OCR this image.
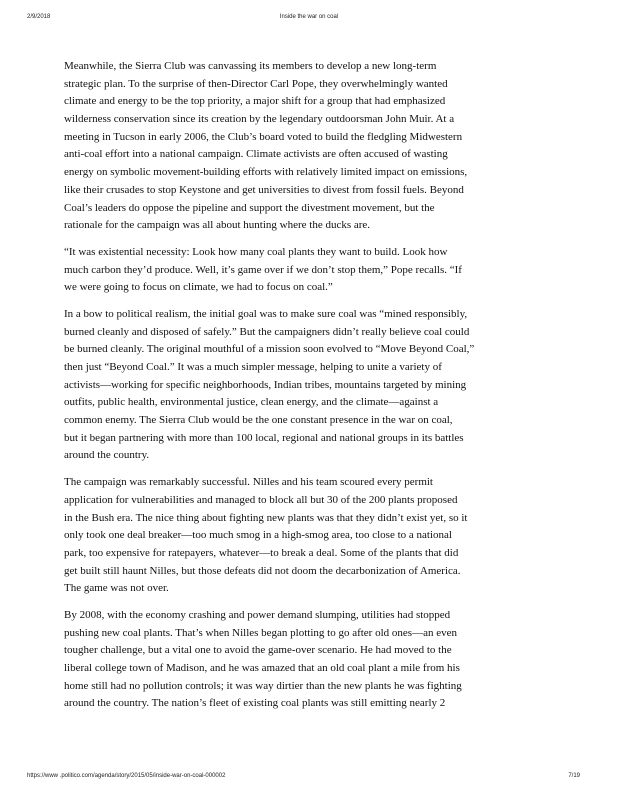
2/9/2018	Inside the war on coal
Meanwhile, the Sierra Club was canvassing its members to develop a new long-term
strategic plan. To the surprise of then-Director Carl Pope, they overwhelmingly wanted
climate and energy to be the top priority, a major shift for a group that had emphasized
wilderness conservation since its creation by the legendary outdoorsman John Muir. At a
meeting in Tucson in early 2006, the Club’s board voted to build the fledgling Midwestern
anti-coal effort into a national campaign. Climate activists are often accused of wasting
energy on symbolic movement-building efforts with relatively limited impact on emissions,
like their crusades to stop Keystone and get universities to divest from fossil fuels. Beyond
Coal’s leaders do oppose the pipeline and support the divestment movement, but the
rationale for the campaign was all about hunting where the ducks are.
“It was existential necessity: Look how many coal plants they want to build. Look how
much carbon they’d produce. Well, it’s game over if we don’t stop them,” Pope recalls. “If
we were going to focus on climate, we had to focus on coal.”
In a bow to political realism, the initial goal was to make sure coal was “mined responsibly,
burned cleanly and disposed of safely.” But the campaigners didn’t really believe coal could
be burned cleanly. The original mouthful of a mission soon evolved to “Move Beyond Coal,”
then just “Beyond Coal.” It was a much simpler message, helping to unite a variety of
activists—working for specific neighborhoods, Indian tribes, mountains targeted by mining
outfits, public health, environmental justice, clean energy, and the climate—against a
common enemy. The Sierra Club would be the one constant presence in the war on coal,
but it began partnering with more than 100 local, regional and national groups in its battles
around the country.
The campaign was remarkably successful. Nilles and his team scoured every permit
application for vulnerabilities and managed to block all but 30 of the 200 plants proposed
in the Bush era. The nice thing about fighting new plants was that they didn’t exist yet, so it
only took one deal breaker—too much smog in a high-smog area, too close to a national
park, too expensive for ratepayers, whatever—to break a deal. Some of the plants that did
get built still haunt Nilles, but those defeats did not doom the decarbonization of America.
The game was not over.
By 2008, with the economy crashing and power demand slumping, utilities had stopped
pushing new coal plants. That’s when Nilles began plotting to go after old ones—an even
tougher challenge, but a vital one to avoid the game-over scenario. He had moved to the
liberal college town of Madison, and he was amazed that an old coal plant a mile from his
home still had no pollution controls; it was way dirtier than the new plants he was fighting
around the country. The nation’s fleet of existing coal plants was still emitting nearly 2
https://www .politico.com/agenda/story/2015/05/inside-war-on-coal-000002	7/19
